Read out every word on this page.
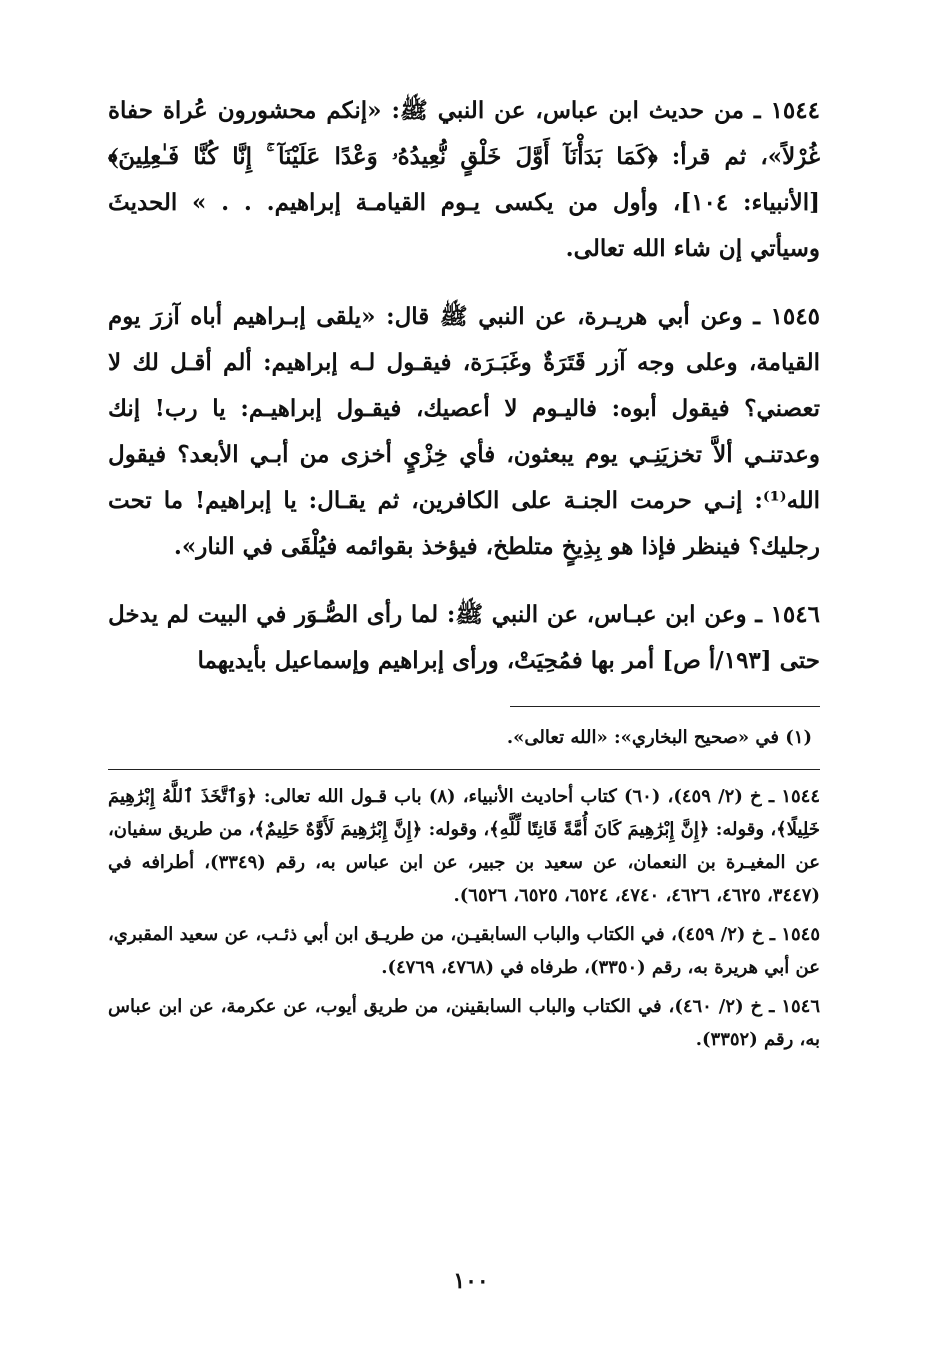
١٥٤٤ ـ من حديث ابن عباس، عن النبي ﷺ: «إنكم محشورون عُراة حفاة غُرْلاً»، ثم قرأ: ﴿كَمَا بَدَأْنَآ أَوَّلَ خَلْقٍ نُّعِيدُهُۥ وَعْدًا عَلَيْنَآ ۚ إِنَّا كُنَّا فَـٰعِلِينَ﴾ [الأنبياء: ١٠٤]، وأول من يكسى يـوم القيامـة إبراهيم. . . » الحديثَ وسيأتي إن شاء الله تعالى.

١٥٤٥ ـ وعن أبي هريـرة، عن النبي ﷺ قال: «يلقى إبـراهيم أباه آزرَ يوم القيامة، وعلى وجه آزر قَتَرَةٌ وغَبَـرَة، فيقـول لـه إبراهيم: ألم أقـل لك لا تعصني؟ فيقول أبوه: فاليـوم لا أعصيك، فيقـول إبراهيـم: يا رب! إنك وعدتنـي ألاَّ تخزيَنِـي يوم يبعثون، فأي خِزْيٍ أخزى من أبـي الأبعد؟ فيقول الله⁽¹⁾: إنـي حرمت الجنـة على الكافرين، ثم يقـال: يا إبراهيم! ما تحت رجليك؟ فينظر فإذا هو بِذِيخٍ متلطخ، فيؤخذ بقوائمه فيُلْقَى في النار».

١٥٤٦ ـ وعن ابن عبـاس، عن النبي ﷺ: لما رأى الصُّـوَر في البيت لم يدخل حتى [١٩٣/أ ص] أمر بها فمُحِيَتْ، ورأى إبراهيم وإسماعيل بأيديهما

(١) في «صحيح البخاري»: «الله تعالى».

١٥٤٤ ـ خ (٢/ ٤٥٩)، (٦٠) كتاب أحاديث الأنبياء، (٨) باب قـول الله تعالى: ﴿وَٱتَّخَذَ ٱللَّهُ إِبْرَٰهِيمَ خَلِيلًا﴾، وقوله: ﴿إِنَّ إِبْرَٰهِيمَ كَانَ أُمَّةً قَانِتًا لِّلَّهِ﴾، وقوله: ﴿إِنَّ إِبْرَٰهِيمَ لَأَوَّٰهٌ حَلِيمٌ﴾، من طريق سفيان، عن المغيـرة بن النعمان، عن سعيد بن جبير، عن ابن عباس به، رقم (٣٣٤٩)، أطرافه في (٣٤٤٧، ٤٦٢٥، ٤٦٢٦، ٤٧٤٠، ٦٥٢٤، ٦٥٢٥، ٦٥٢٦).

١٥٤٥ ـ خ (٢/ ٤٥٩)، في الكتاب والباب السابقيـن، من طريـق ابن أبي ذئـب، عن سعيد المقبري، عن أبي هريرة به، رقم (٣٣٥٠)، طرفاه في (٤٧٦٨، ٤٧٦٩).

١٥٤٦ ـ خ (٢/ ٤٦٠)، في الكتاب والباب السابقينن، من طريق أيوب، عن عكرمة، عن ابن عباس به، رقم (٣٣٥٢).

١٠٠
